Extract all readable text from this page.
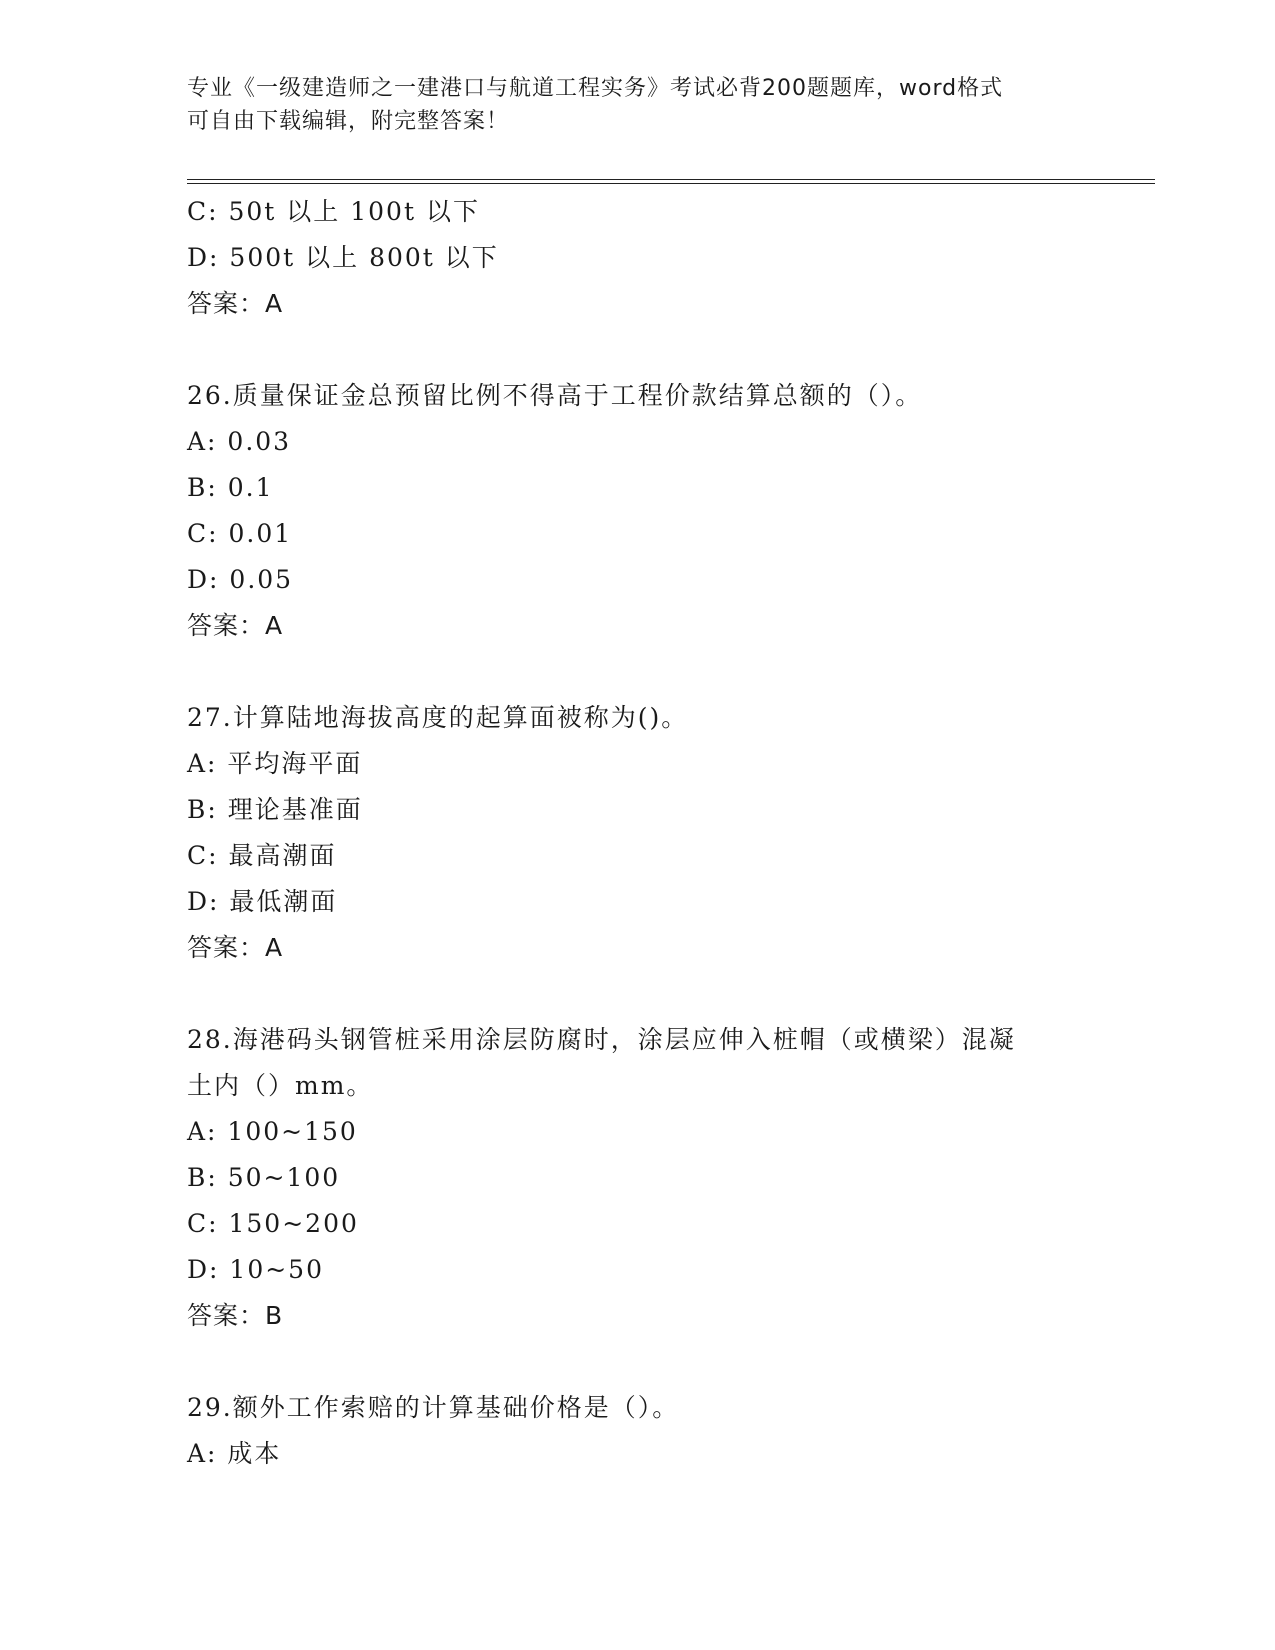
专业《一级建造师之一建港口与航道工程实务》考试必背200题题库，word格式
可自由下载编辑，附完整答案！
C: 50t 以上 100t 以下
D: 500t 以上 800t 以下
答案：A
26.质量保证金总预留比例不得高于工程价款结算总额的（）。
A: 0.03
B: 0.1
C: 0.01
D: 0.05
答案：A
27.计算陆地海拔高度的起算面被称为()。
A: 平均海平面
B: 理论基准面
C: 最高潮面
D: 最低潮面
答案：A
28.海港码头钢管桩采用涂层防腐时，涂层应伸入桩帽（或横梁）混凝
土内（）mm。
A: 100~150
B: 50~100
C: 150~200
D: 10~50
答案：B
29.额外工作索赔的计算基础价格是（）。
A: 成本
